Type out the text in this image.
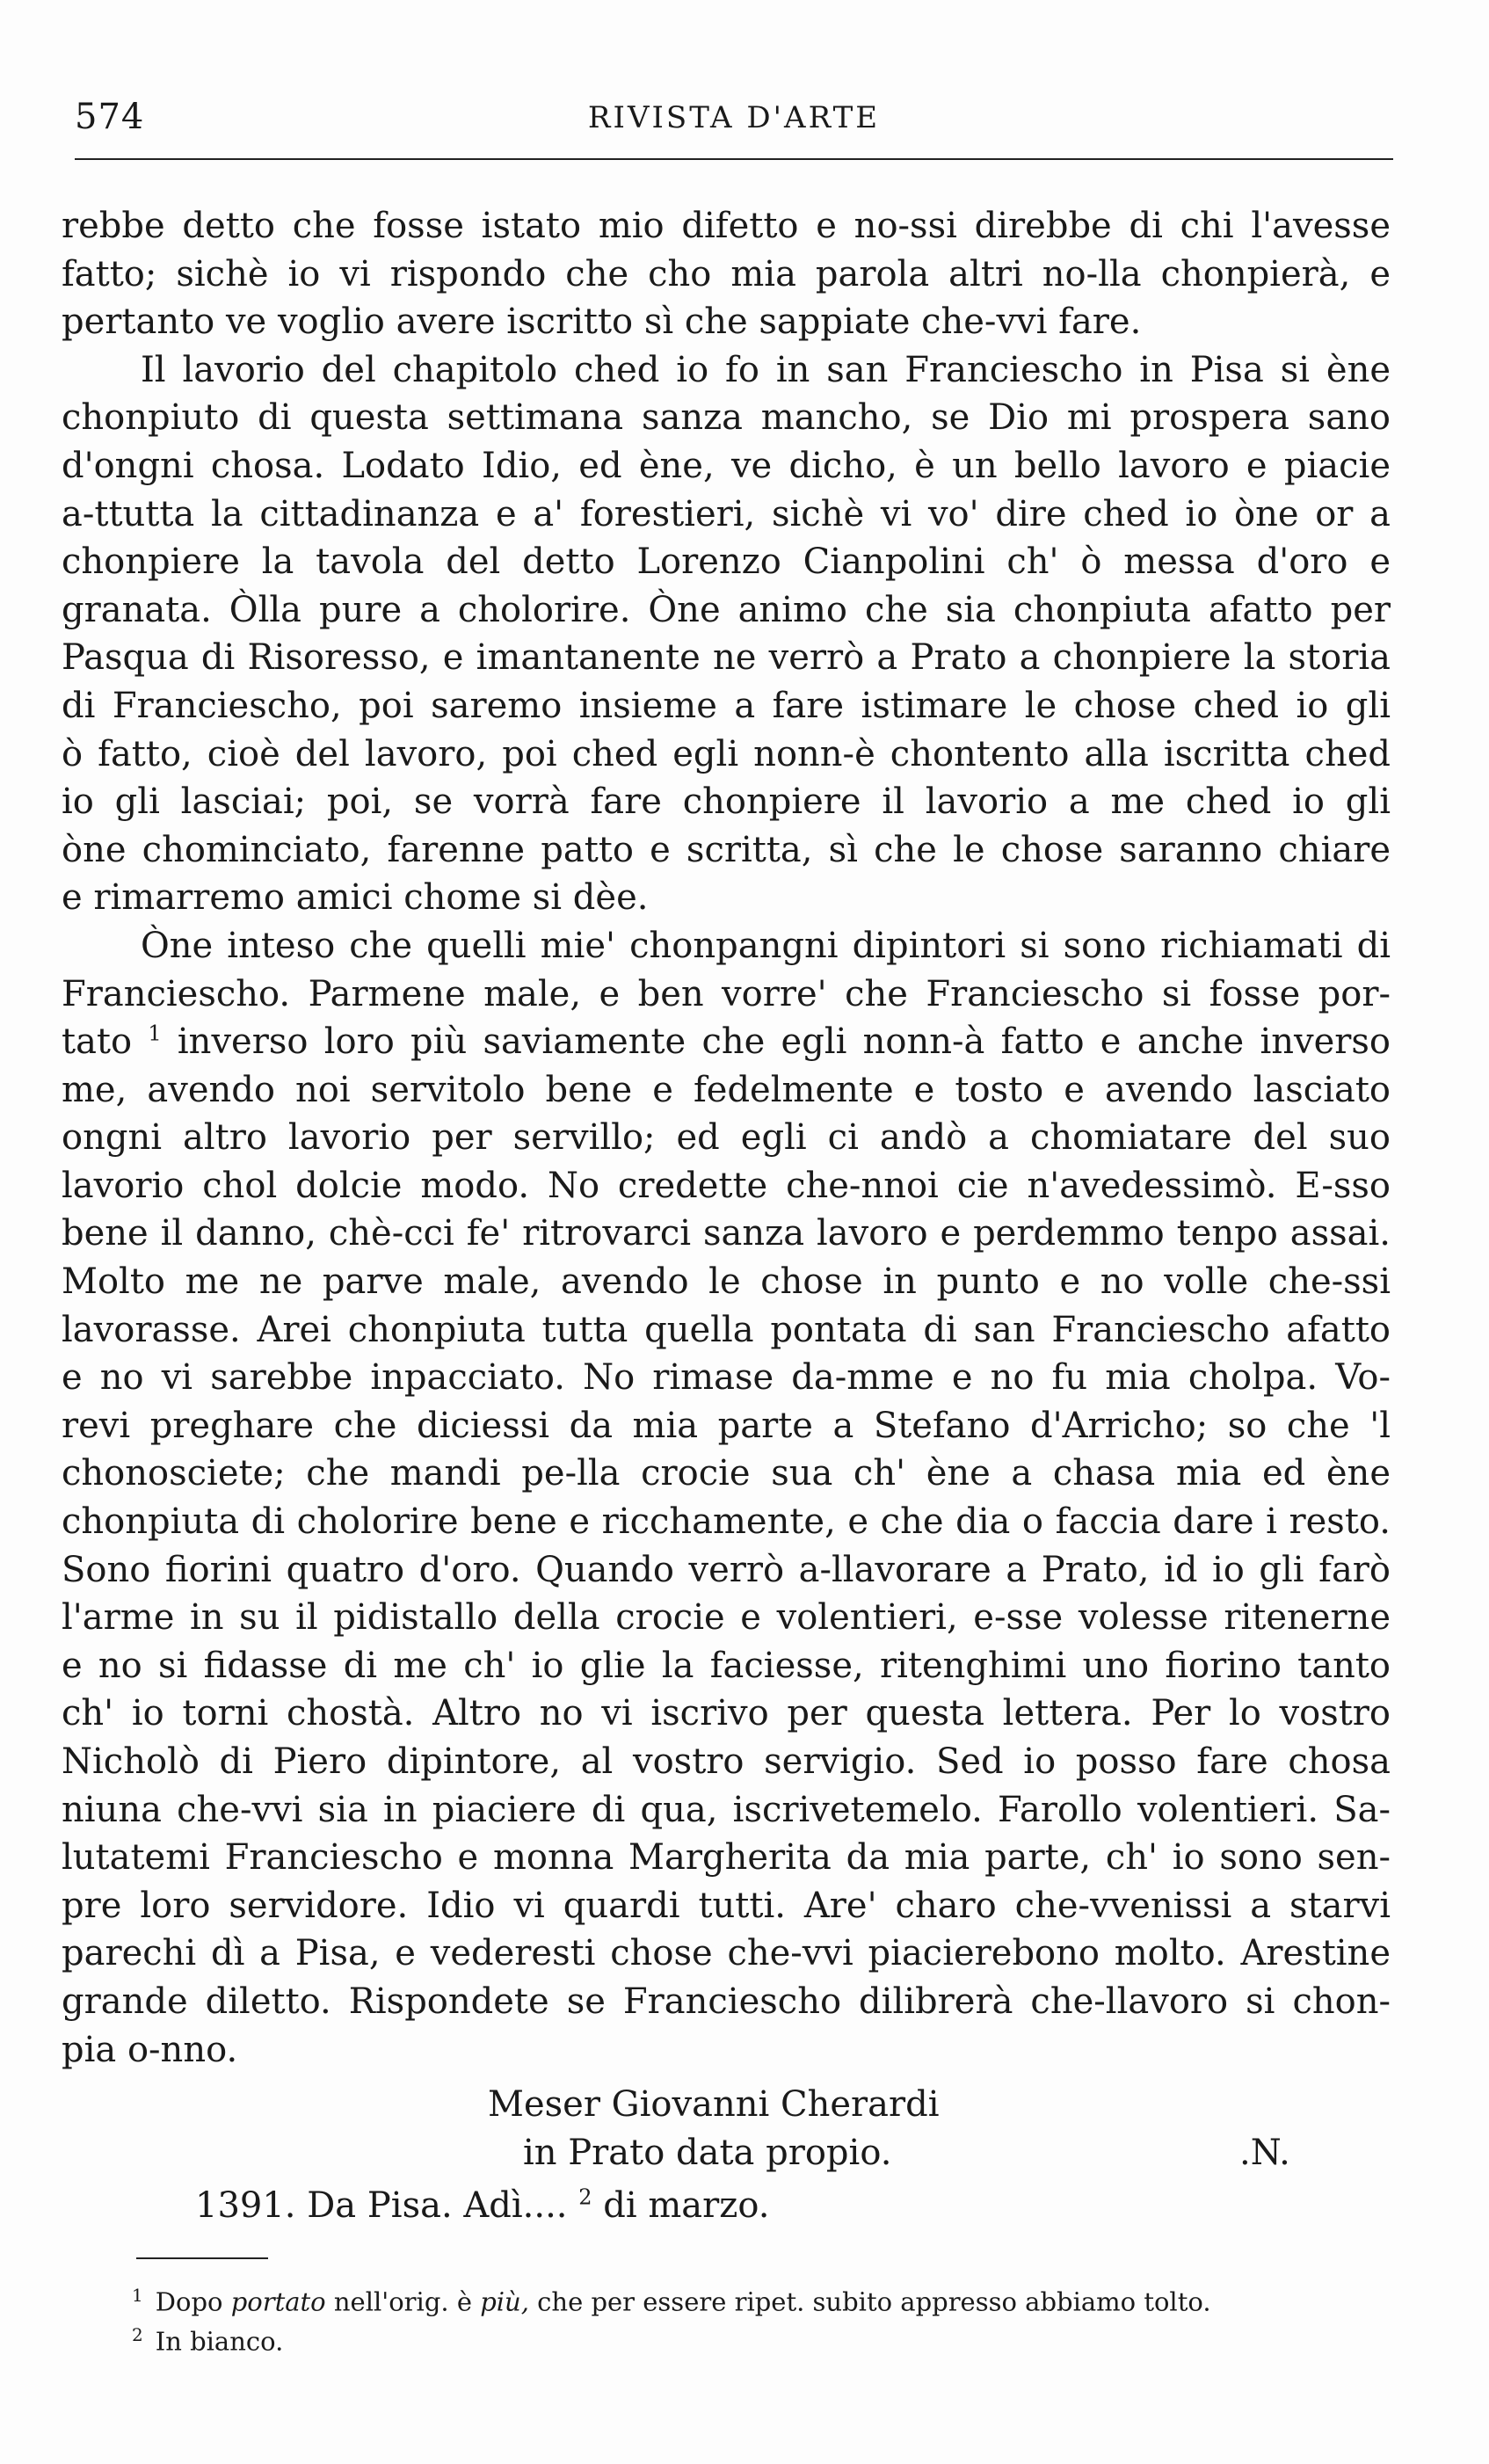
574	RIVISTA D'ARTE
rebbe detto che fosse istato mio difetto e no-ssi direbbe di chi l'avesse
fatto; sichè io vi rispondo che cho mia parola altri no-lla chonpierà, e
pertanto ve voglio avere iscritto sì che sappiate che-vvi fare.
Il lavorio del chapitolo ched io fo in san Franciescho in Pisa si ène
chonpiuto di questa settimana sanza mancho, se Dio mi prospera sano
d'ongni chosa. Lodato Idio, ed ène, ve dicho, è un bello lavoro e piacie
a-ttutta la cittadinanza e a' forestieri, sichè vi vo' dire ched io òne or a
chonpiere la tavola del detto Lorenzo Cianpolini ch' ò messa d'oro e
granata. Òlla pure a cholorire. Òne animo che sia chonpiuta afatto per
Pasqua di Risoresso, e imantanente ne verrò a Prato a chonpiere la storia
di Franciescho, poi saremo insieme a fare istimare le chose ched io gli
ò fatto, cioè del lavoro, poi ched egli nonn-è chontento alla iscritta ched
io gli lasciai; poi, se vorrà fare chonpiere il lavorio a me ched io gli
òne chominciato, farenne patto e scritta, sì che le chose saranno chiare
e rimarremo amici chome si dèe.
Òne inteso che quelli mie' chonpangni dipintori si sono richiamati di
Franciescho. Parmene male, e ben vorre' che Franciescho si fosse por-
tato $^1$ inverso loro più saviamente che egli nonn-à fatto e anche inverso
me, avendo noi servitolo bene e fedelmente e tosto e avendo lasciato
ongni altro lavorio per servillo; ed egli ci andò a chomiatare del suo
lavorio chol dolcie modo. No credette che-nnoi cie n'avedessimò. E-sso
bene il danno, chè-cci fe' ritrovarci sanza lavoro e perdemmo tenpo assai.
Molto me ne parve male, avendo le chose in punto e no volle che-ssi
lavorasse. Arei chonpiuta tutta quella pontata di san Franciescho afatto
e no vi sarebbe inpacciato. No rimase da-mme e no fu mia cholpa. Vo-
revi preghare che diciessi da mia parte a Stefano d'Arricho; so che 'l
chonosciete; che mandi pe-lla crocie sua ch' ène a chasa mia ed ène
chonpiuta di cholorire bene e ricchamente, e che dia o faccia dare i resto.
Sono fiorini quatro d'oro. Quando verrò a-llavorare a Prato, id io gli farò
l'arme in su il pidistallo della crocie e volentieri, e-sse volesse ritenerne
e no si fidasse di me ch' io glie la faciesse, ritenghimi uno fiorino tanto
ch' io torni chostà. Altro no vi iscrivo per questa lettera. Per lo vostro
Nicholò di Piero dipintore, al vostro servigio. Sed io posso fare chosa
niuna che-vvi sia in piaciere di qua, iscrivetemelo. Farollo volentieri. Sa-
lutatemi Franciescho e monna Margherita da mia parte, ch' io sono sen-
pre loro servidore. Idio vi quardi tutti. Are' charo che-vvenissi a starvi
parechi dì a Pisa, e vederesti chose che-vvi piacierebono molto. Arestine
grande diletto. Rispondete se Franciescho dilibrerà che-llavoro si chon-
pia o-nno.
Meser Giovanni Cherardi
in Prato data propio.	.N.
1391. Da Pisa. Adì.... $^2$ di marzo.
$^1$ Dopo portato nell'orig. è più, che per essere ripet. subito appresso abbiamo tolto.
$^2$ In bianco.
